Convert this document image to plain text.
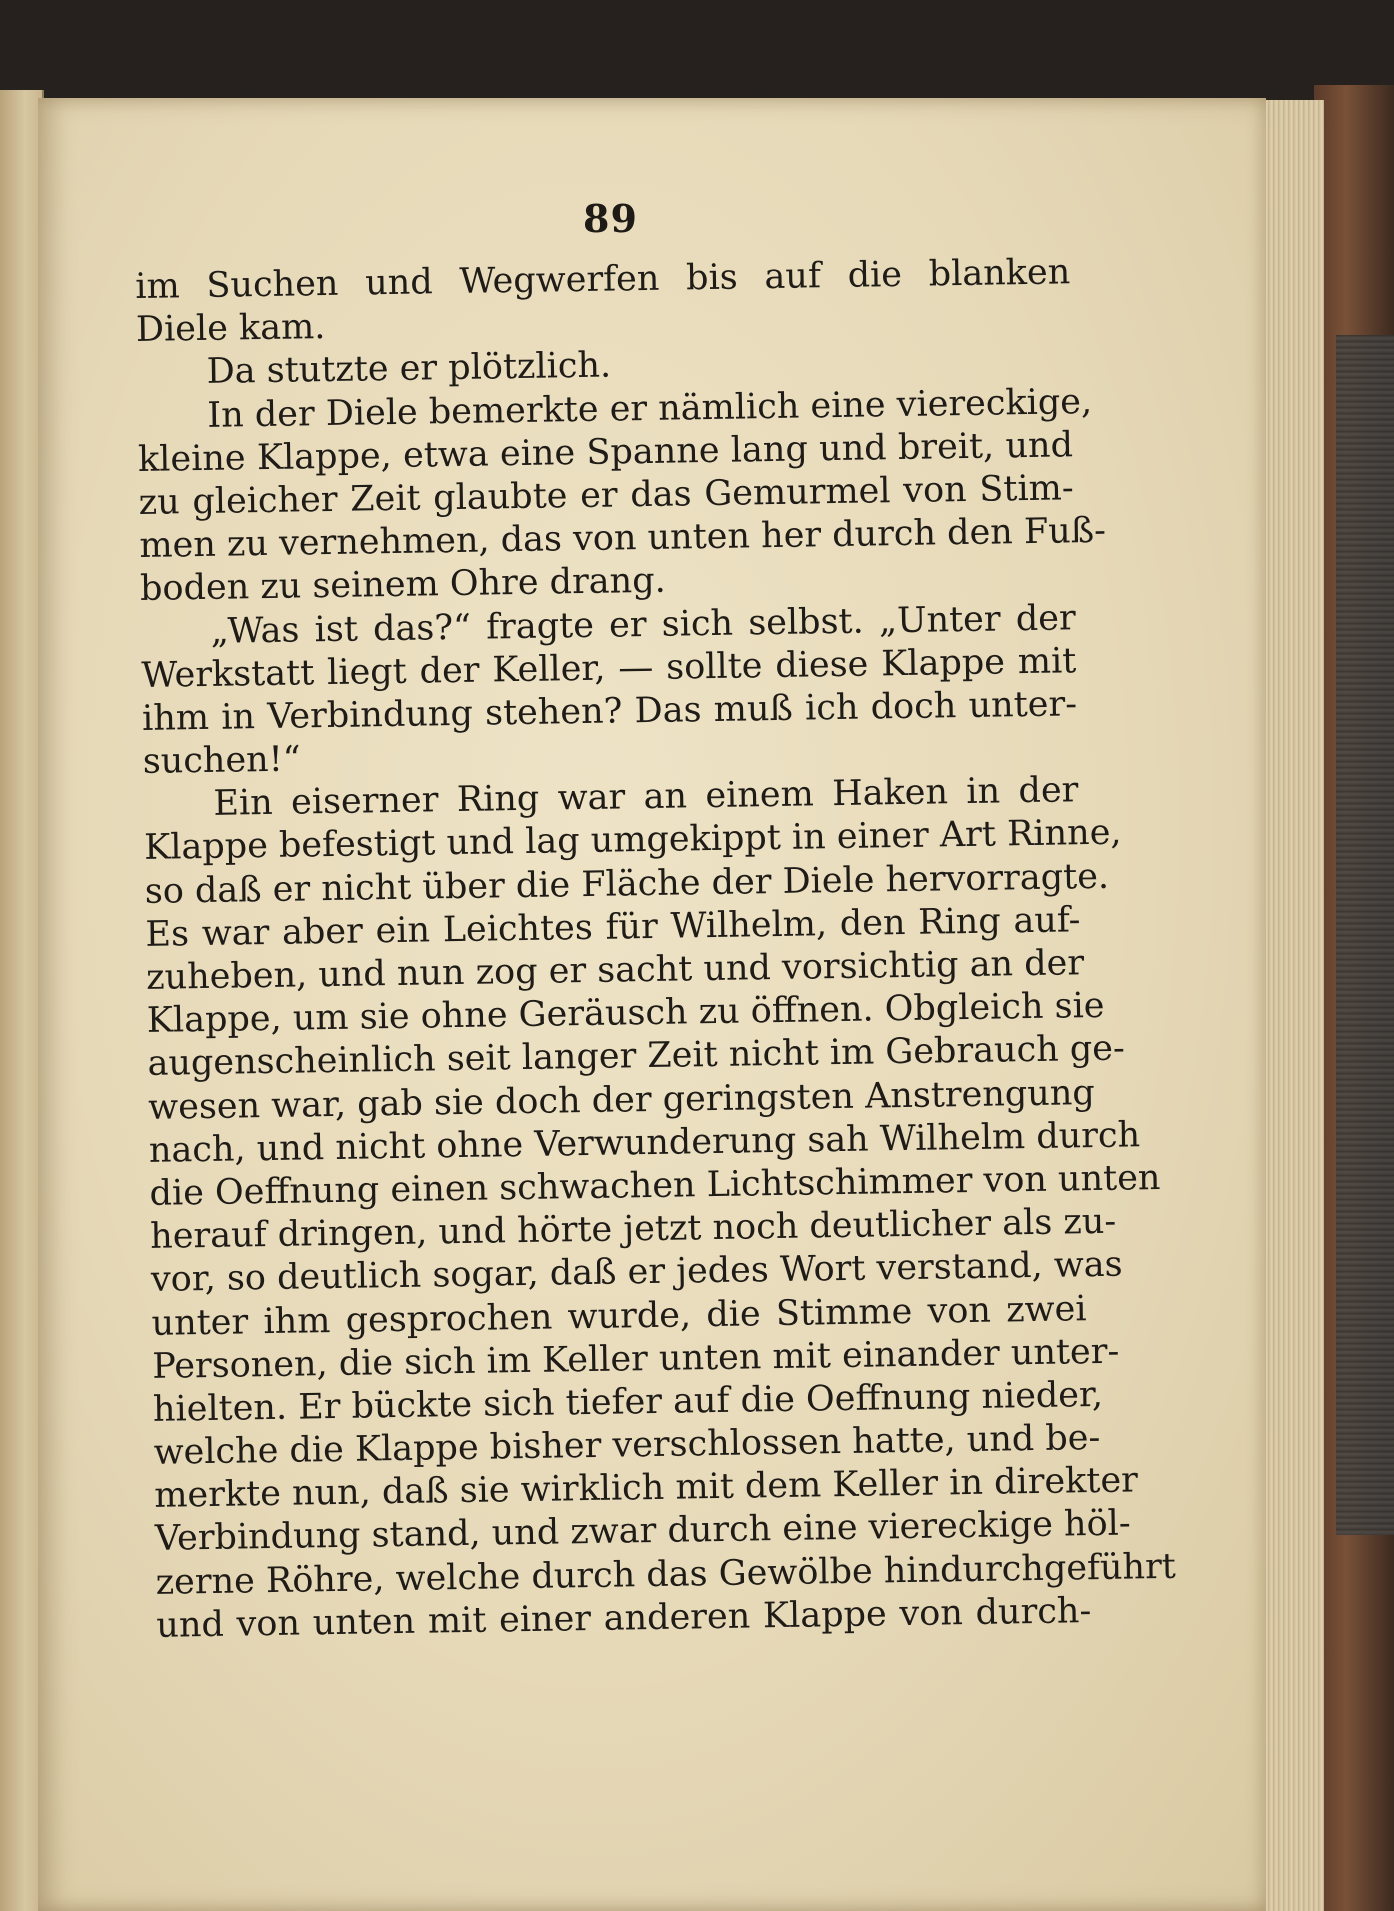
89
im Suchen und Wegwerfen bis auf die blanken
Diele kam.
Da stutzte er plötzlich.
In der Diele bemerkte er nämlich eine viereckige,
kleine Klappe, etwa eine Spanne lang und breit, und
zu gleicher Zeit glaubte er das Gemurmel von Stim-
men zu vernehmen, das von unten her durch den Fuß-
boden zu seinem Ohre drang.
„Was ist das?“ fragte er sich selbst. „Unter der
Werkstatt liegt der Keller, — sollte diese Klappe mit
ihm in Verbindung stehen? Das muß ich doch unter-
suchen!“
Ein eiserner Ring war an einem Haken in der
Klappe befestigt und lag umgekippt in einer Art Rinne,
so daß er nicht über die Fläche der Diele hervorragte.
Es war aber ein Leichtes für Wilhelm, den Ring auf-
zuheben, und nun zog er sacht und vorsichtig an der
Klappe, um sie ohne Geräusch zu öffnen. Obgleich sie
augenscheinlich seit langer Zeit nicht im Gebrauch ge-
wesen war, gab sie doch der geringsten Anstrengung
nach, und nicht ohne Verwunderung sah Wilhelm durch
die Oeffnung einen schwachen Lichtschimmer von unten
herauf dringen, und hörte jetzt noch deutlicher als zu-
vor, so deutlich sogar, daß er jedes Wort verstand, was
unter ihm gesprochen wurde, die Stimme von zwei
Personen, die sich im Keller unten mit einander unter-
hielten. Er bückte sich tiefer auf die Oeffnung nieder,
welche die Klappe bisher verschlossen hatte, und be-
merkte nun, daß sie wirklich mit dem Keller in direkter
Verbindung stand, und zwar durch eine viereckige höl-
zerne Röhre, welche durch das Gewölbe hindurchgeführt
und von unten mit einer anderen Klappe von durch-
